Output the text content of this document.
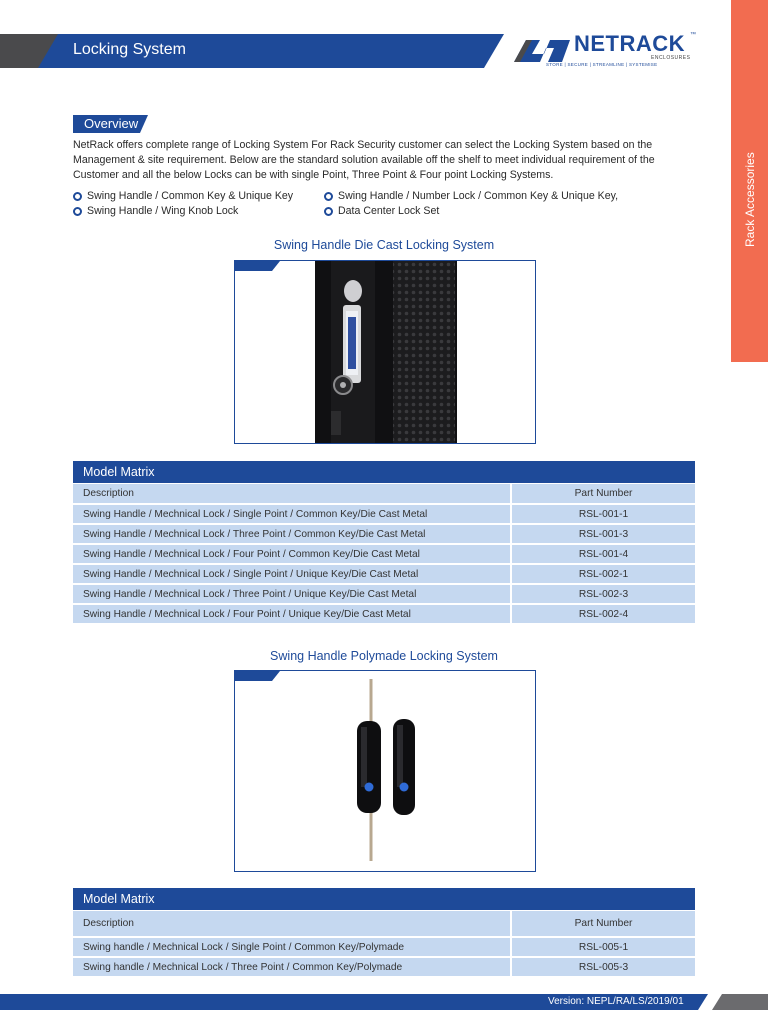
Locking System	NETRACK ™
ENCLOSURES
STORE | SECURE | STREAMLINE | SYSTEMISE
Rack Accessories
Overview
NetRack offers complete range of Locking System For Rack Security customer can select the Locking System based on the Management & site requirement. Below are the standard solution available off the shelf to meet individual requirement of the Customer and all the below Locks can be with single Point, Three Point & Four point Locking Systems.
Swing Handle / Common Key & Unique Key
Swing Handle / Wing Knob Lock
Swing Handle / Number Lock / Common Key & Unique Key,
Data Center Lock Set
Swing Handle Die Cast Locking System
Model Matrix
Description	Part Number
Swing Handle / Mechnical Lock / Single Point / Common Key/Die Cast Metal	RSL-001-1
Swing Handle / Mechnical Lock / Three Point / Common Key/Die Cast Metal	RSL-001-3
Swing Handle / Mechnical Lock / Four Point / Common Key/Die Cast Metal	RSL-001-4
Swing Handle / Mechnical Lock / Single Point / Unique Key/Die Cast Metal	RSL-002-1
Swing Handle / Mechnical Lock / Three Point / Unique Key/Die Cast Metal	RSL-002-3
Swing Handle / Mechnical Lock / Four Point / Unique Key/Die Cast Metal	RSL-002-4
Swing Handle Polymade Locking System
Model Matrix
Description	Part Number
Swing handle / Mechnical Lock / Single Point / Common Key/Polymade	RSL-005-1
Swing handle / Mechnical Lock / Three Point / Common Key/Polymade	RSL-005-3
Version: NEPL/RA/LS/2019/01
